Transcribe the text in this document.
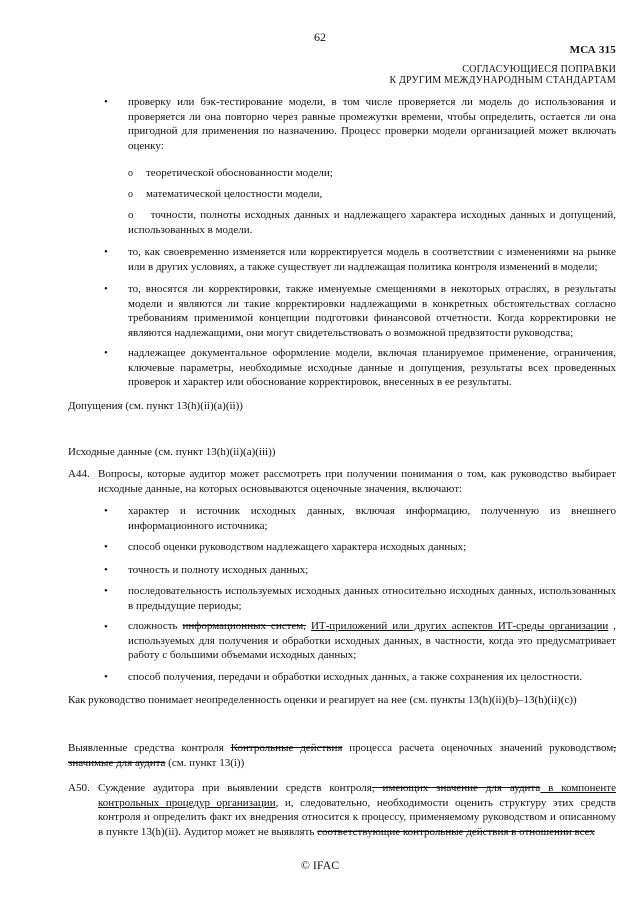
62
МСА 315
СОГЛАСУЮЩИЕСЯ ПОПРАВКИ
К ДРУГИМ МЕЖДУНАРОДНЫМ СТАНДАРТАМ
•	проверку или бэк-тестирование модели, в том числе проверяется ли модель до использования и проверяется ли она повторно через равные промежутки времени, чтобы определить, остается ли она пригодной для применения по назначению. Процесс проверки модели организацией может включать оценку:
o	теоретической обоснованности модели;
o	математической целостности модели,
o точности, полноты исходных данных и надлежащего характера исходных данных и допущений, использованных в модели.
•	то, как своевременно изменяется или корректируется модель в соответствии с изменениями на рынке или в других условиях, а также существует ли надлежащая политика контроля изменений в модели;
•	то, вносятся ли корректировки, также именуемые смещениями в некоторых отраслях, в результаты модели и являются ли такие корректировки надлежащими в конкретных обстоятельствах согласно требованиям применимой концепции подготовки финансовой отчетности. Когда корректировки не являются надлежащими, они могут свидетельствовать о возможной предвзятости руководства;
•	надлежащее документальное оформление модели, включая планируемое применение, ограничения, ключевые параметры, необходимые исходные данные и допущения, результаты всех проведенных проверок и характер или обоснование корректировок, внесенных в ее результаты.
Допущения (см. пункт 13(h)(ii)(a)(ii))
Исходные данные (см. пункт 13(h)(ii)(a)(iii))
A44. Вопросы, которые аудитор может рассмотреть при получении понимания о том, как руководство выбирает исходные данные, на которых основываются оценочные значения, включают:
•	характер и источник исходных данных, включая информацию, полученную из внешнего информационного источника;
•	способ оценки руководством надлежащего характера исходных данных;
•	точность и полноту исходных данных;
•	последовательность используемых исходных данных относительно исходных данных, использованных в предыдущие периоды;
•	сложность информационных систем, ИТ-приложений или других аспектов ИТ-среды организации , используемых для получения и обработки исходных данных, в частности, когда это предусматривает работу с большими объемами исходных данных;
•	способ получения, передачи и обработки исходных данных, а также сохранения их целостности.
Как руководство понимает неопределенность оценки и реагирует на нее (см. пункты 13(h)(ii)(b)–13(h)(ii)(c))
Выявленные средства контроля Контрольные действия процесса расчета оценочных значений руководством, значимые для аудита (см. пункт 13(i))
A50. Суждение аудитора при выявлении средств контроля, имеющих значение для аудита в компоненте контрольных процедур организации, и, следовательно, необходимости оценить структуру этих средств контроля и определить факт их внедрения относится к процессу, применяемому руководством и описанному в пункте 13(h)(ii). Аудитор может не выявлять соответствующие контрольные действия в отношении всех
© IFAC
